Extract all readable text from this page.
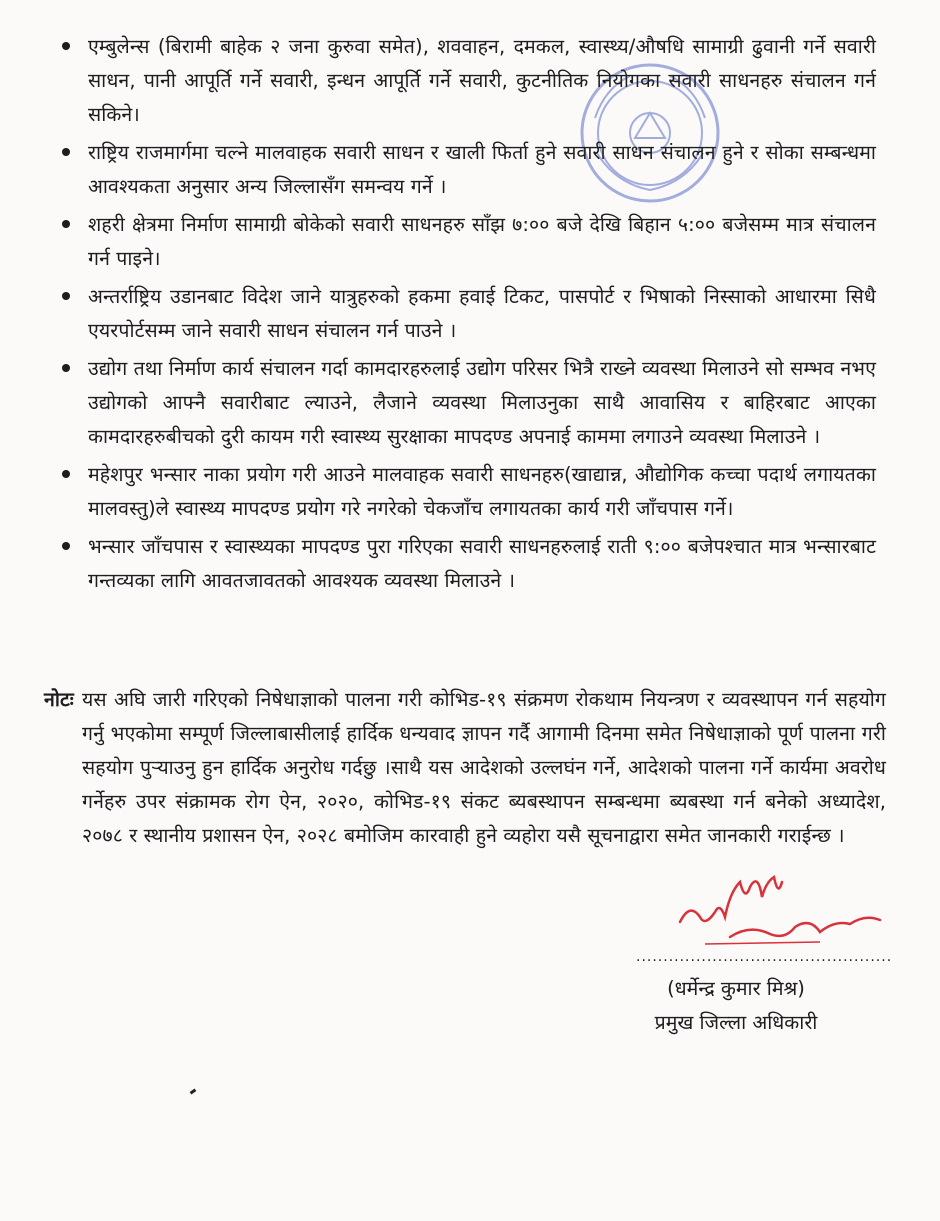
एम्बुलेन्स (बिरामी बाहेक २ जना कुरुवा समेत), शववाहन, दमकल, स्वास्थ्य/औषधि सामाग्री ढुवानी गर्ने सवारी साधन, पानी आपूर्ति गर्ने सवारी, इन्धन आपूर्ति गर्ने सवारी, कुटनीतिक नियोगका सवारी साधनहरु संचालन गर्न सकिने।
राष्ट्रिय राजमार्गमा चल्ने मालवाहक सवारी साधन र खाली फिर्ता हुने सवारी साधन संचालन हुने र सोका सम्बन्धमा आवश्यकता अनुसार अन्य जिल्लासँग समन्वय गर्ने ।
शहरी क्षेत्रमा निर्माण सामाग्री बोकेको सवारी साधनहरु साँझ ७:०० बजे देखि बिहान ५:०० बजेसम्म मात्र संचालन गर्न पाइने।
अन्तर्राष्ट्रिय उडानबाट विदेश जाने यात्रुहरुको हकमा हवाई टिकट, पासपोर्ट र भिषाको निस्साको आधारमा सिधै एयरपोर्टसम्म जाने सवारी साधन संचालन गर्न पाउने ।
उद्योग तथा निर्माण कार्य संचालन गर्दा कामदारहरुलाई उद्योग परिसर भित्रै राख्ने व्यवस्था मिलाउने सो सम्भव नभए उद्योगको आफ्नै सवारीबाट ल्याउने, लैजाने व्यवस्था मिलाउनुका साथै आवासिय र बाहिरबाट आएका कामदारहरुबीचको दुरी कायम गरी स्वास्थ्य सुरक्षाका मापदण्ड अपनाई काममा लगाउने व्यवस्था मिलाउने ।
महेशपुर भन्सार नाका प्रयोग गरी आउने मालवाहक सवारी साधनहरु(खाद्यान्न, औद्योगिक कच्चा पदार्थ लगायतका मालवस्तु)ले स्वास्थ्य मापदण्ड प्रयोग गरे नगरेको चेकजाँच लगायतका कार्य गरी जाँचपास गर्ने।
भन्सार जाँचपास र स्वास्थ्यका मापदण्ड पुरा गरिएका सवारी साधनहरुलाई राती ९:०० बजेपश्चात मात्र भन्सारबाट गन्तव्यका लागि आवतजावतको आवश्यक व्यवस्था मिलाउने ।
नोटः यस अघि जारी गरिएको निषेधाज्ञाको पालना गरी कोभिड-१९ संक्रमण रोकथाम नियन्त्रण र व्यवस्थापन गर्न सहयोग गर्नु भएकोमा सम्पूर्ण जिल्लाबासीलाई हार्दिक धन्यवाद ज्ञापन गर्दै आगामी दिनमा समेत निषेधाज्ञाको पूर्ण पालना गरी सहयोग पुऱ्याउनु हुन हार्दिक अनुरोध गर्दछु ।साथै यस आदेशको उल्लघंन गर्ने, आदेशको पालना गर्ने कार्यमा अवरोध गर्नेहरु उपर संक्रामक रोग ऐन, २०२०, कोभिड-१९ संकट ब्यबस्थापन सम्बन्धमा ब्यबस्था गर्न बनेको अध्यादेश, २०७८ र स्थानीय प्रशासन ऐन, २०२८ बमोजिम कारवाही हुने व्यहोरा यसै सूचनाद्वारा समेत जानकारी गराईन्छ ।
...............................................
(धर्मेन्द्र कुमार मिश्र)
प्रमुख जिल्ला अधिकारी
